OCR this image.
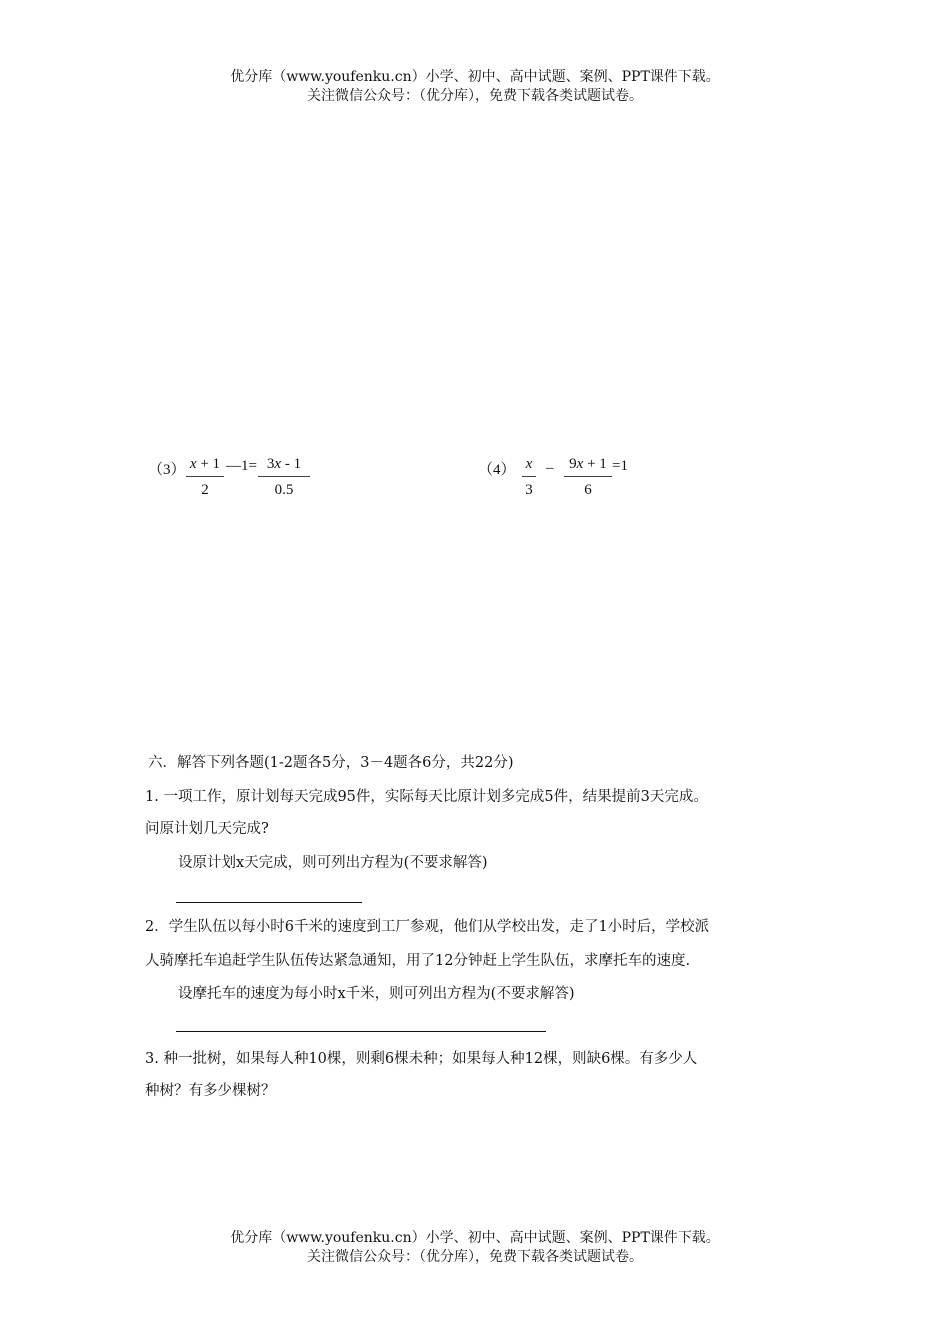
优分库（www.youfenku.cn）小学、初中、高中试题、案例、PPT课件下载。
关注微信公众号：（优分库），免费下载各类试题试卷。
（3） x + 1
2
—1= 3x - 1
0.5
（4） x
3
–	9x + 1
6
=1
六．解答下列各题(1-2题各5分，3－4题各6分，共22分)
1. 一项工作，原计划每天完成95件，实际每天比原计划多完成5件，结果提前3天完成。
问原计划几天完成?
设原计划x天完成，则可列出方程为(不要求解答)
2．学生队伍以每小时6千米的速度到工厂参观，他们从学校出发，走了1小时后，学校派
人骑摩托车追赶学生队伍传达紧急通知，用了12分钟赶上学生队伍，求摩托车的速度.
设摩托车的速度为每小时x千米，则可列出方程为(不要求解答)
3. 种一批树，如果每人种10棵，则剩6棵未种；如果每人种12棵，则缺6棵。有多少人
种树？有多少棵树？
优分库（www.youfenku.cn）小学、初中、高中试题、案例、PPT课件下载。
关注微信公众号：（优分库），免费下载各类试题试卷。
